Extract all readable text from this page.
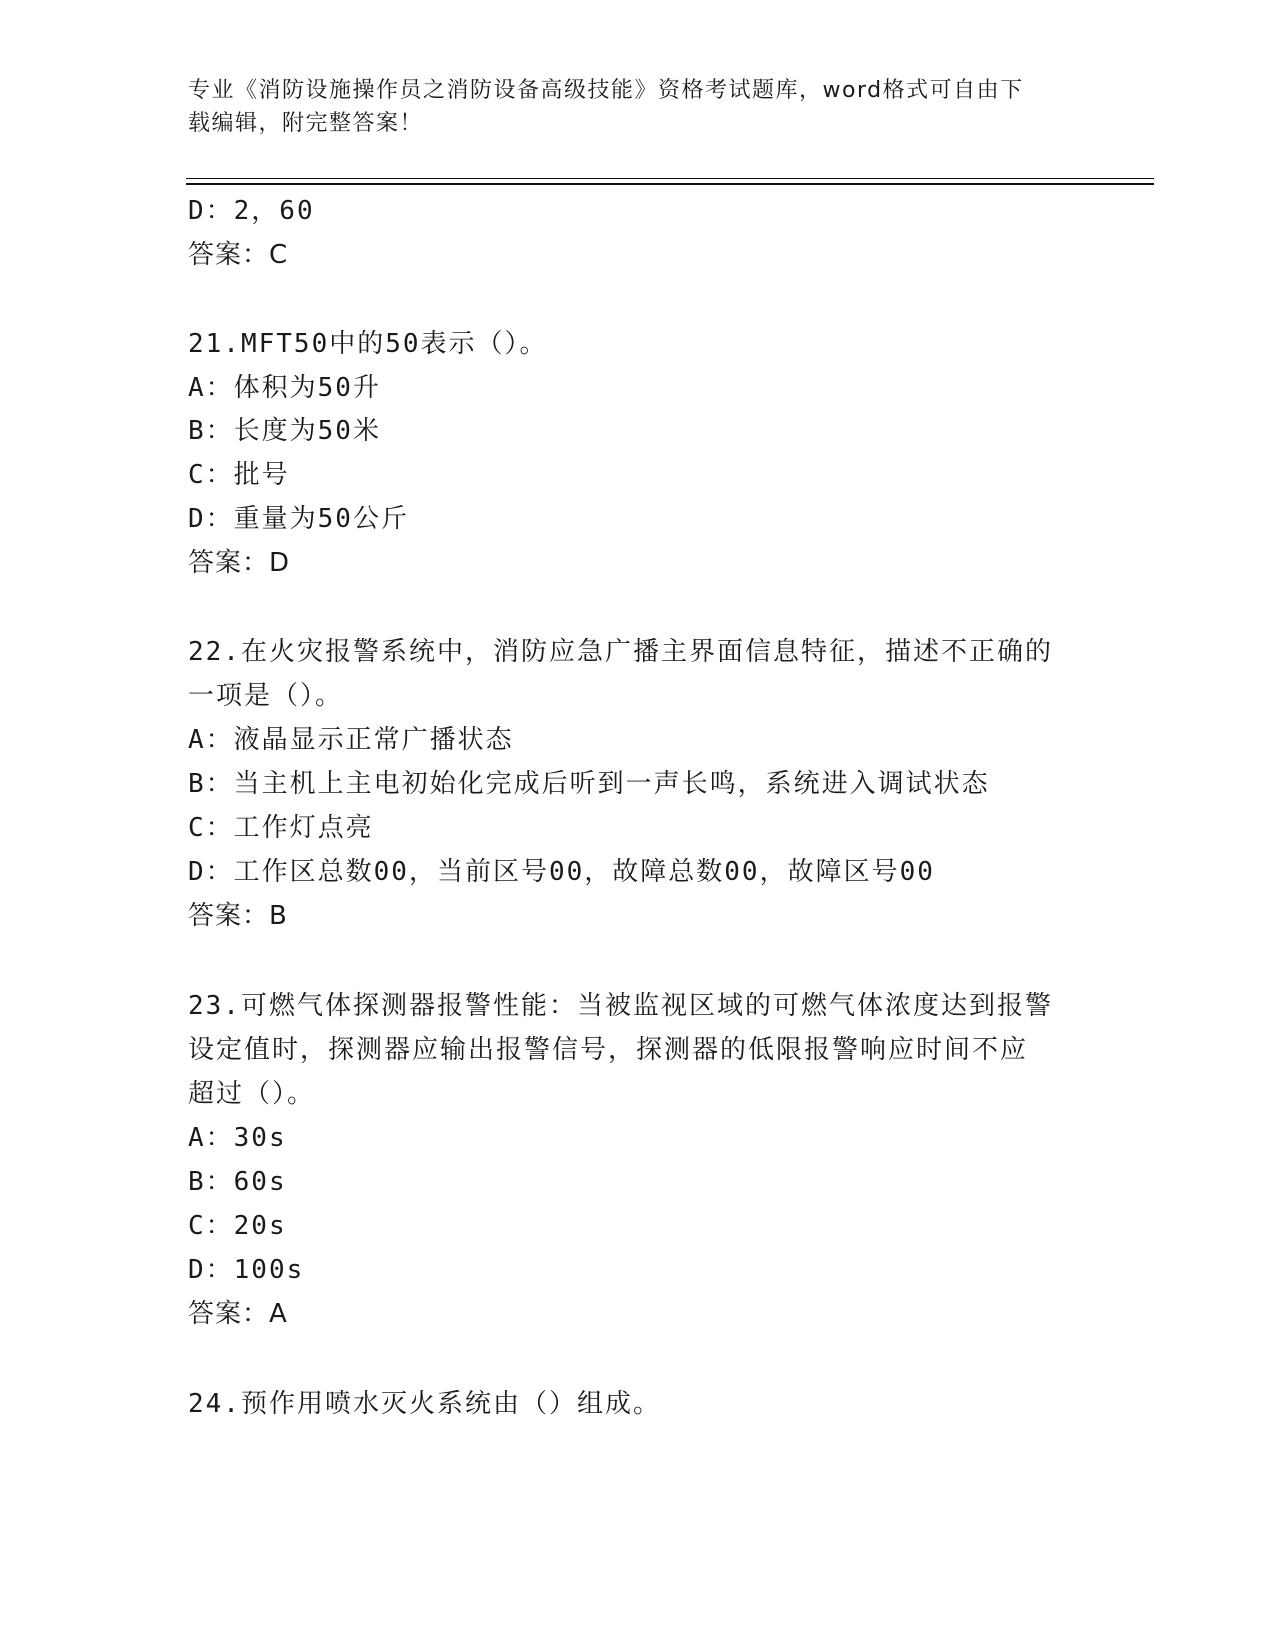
专业《消防设施操作员之消防设备高级技能》资格考试题库，word格式可自由下
载编辑，附完整答案！
D：2，60
答案：C
21.MFT50中的50表示（）。
A：体积为50升
B：长度为50米
C：批号
D：重量为50公斤
答案：D
22.在火灾报警系统中，消防应急广播主界面信息特征，描述不正确的
一项是（）。
A：液晶显示正常广播状态
B：当主机上主电初始化完成后听到一声长鸣，系统进入调试状态
C：工作灯点亮
D：工作区总数00，当前区号00，故障总数00，故障区号00
答案：B
23.可燃气体探测器报警性能：当被监视区域的可燃气体浓度达到报警
设定值时，探测器应输出报警信号，探测器的低限报警响应时间不应
超过（）。
A：30s
B：60s
C：20s
D：100s
答案：A
24.预作用喷水灭火系统由（）组成。
